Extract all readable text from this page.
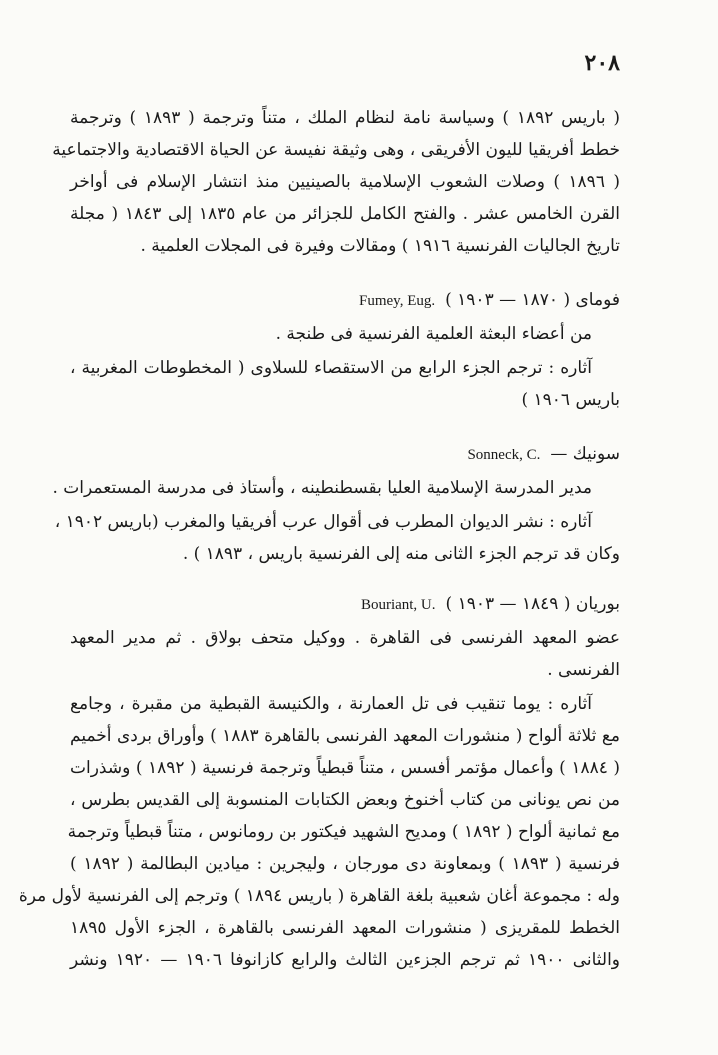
٢٠٨
( باريس ١٨٩٢ ) وسياسة نامة لنظام الملك ، متناً وترجمة ( ١٨٩٣ ) وترجمة
خطط أفريقيا لليون الأفريقى ، وهى وثيقة نفيسة عن الحياة الاقتصادية والاجتماعية
( ١٨٩٦ ) وصلات الشعوب الإسلامية بالصينيين منذ انتشار الإسلام فى أواخر
القرن الخامس عشر . والفتح الكامل للجزائر من عام ١٨٣٥ إلى ١٨٤٣ ( مجلة
تاريخ الجاليات الفرنسية ١٩١٦ ) ومقالات وفيرة فى المجلات العلمية .
فومای ( ١٨٧٠ — ١٩٠٣ )
Fumey, Eug.
من أعضاء البعثة العلمية الفرنسية فى طنجة .
آثاره : ترجم الجزء الرابع من الاستقصاء للسلاوى ( المخطوطات المغربية ،
باريس ١٩٠٦ )
سونيك —
Sonneck, C.
مدير المدرسة الإسلامية العليا بقسطنطينه ، وأستاذ فى مدرسة المستعمرات .
آثاره : نشر الديوان المطرب فى أقوال عرب أفريقيا والمغرب (باريس ١٩٠٢ ،
وكان قد ترجم الجزء الثانى منه إلى الفرنسية باريس ، ١٨٩٣ ) .
بوريان ( ١٨٤٩ — ١٩٠٣ )
Bouriant, U.
عضو المعهد الفرنسى فى القاهرة . ووكيل متحف بولاق . ثم مدير المعهد
الفرنسى .
آثاره : يوما تنقيب فى تل العمارنة ، والكنيسة القبطية من مقبرة ، وجامع
مع ثلاثة ألواح ( منشورات المعهد الفرنسى بالقاهرة ١٨٨٣ ) وأوراق بردى أخميم
( ١٨٨٤ ) وأعمال مؤتمر أفسس ، متناً قبطياً وترجمة فرنسية ( ١٨٩٢ ) وشذرات
من نص يونانى من كتاب أخنوخ وبعض الكتابات المنسوبة إلى القديس بطرس ،
مع ثمانية ألواح ( ١٨٩٢ ) ومديح الشهيد فيكتور بن رومانوس ، متناً قبطياً وترجمة
فرنسية ( ١٨٩٣ ) وبمعاونة دى مورجان ، وليجرين : ميادين البطالمة ( ١٨٩٢ )
وله : مجموعة أغان شعبية بلغة القاهرة ( باريس ١٨٩٤ ) وترجم إلى الفرنسية لأول مرة
الخطط للمقريزى ( منشورات المعهد الفرنسى بالقاهرة ، الجزء الأول ١٨٩٥
والثانى ١٩٠٠ ثم ترجم الجزءين الثالث والرابع كازانوفا ١٩٠٦ — ١٩٢٠ ونشر
